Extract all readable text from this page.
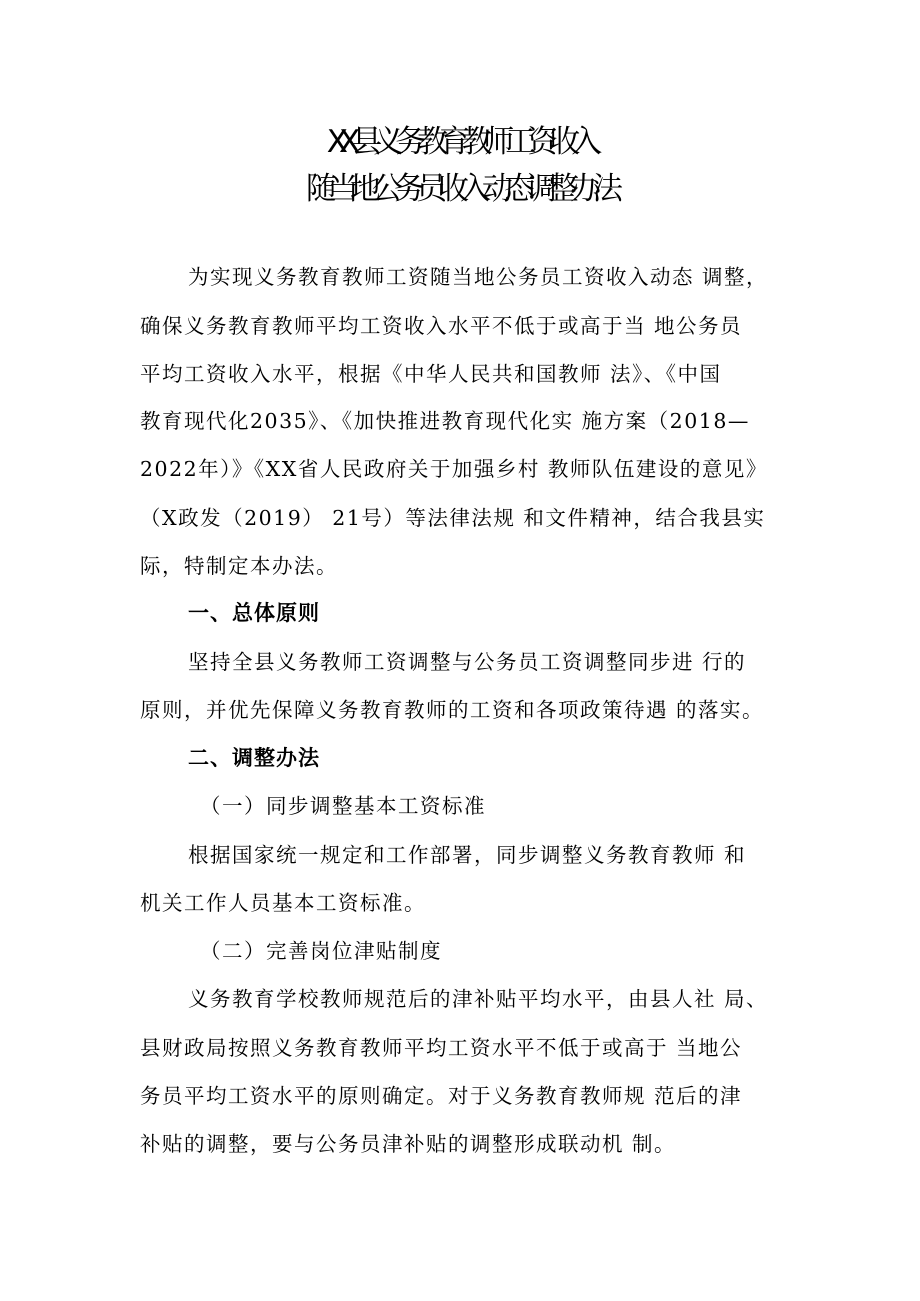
XX县义务教育教师工资收入
随当地公务员收入动态调整办法
为实现义务教育教师工资随当地公务员工资收入动态 调整，
确保义务教育教师平均工资收入水平不低于或高于当 地公务员
平均工资收入水平，根据《中华人民共和国教师 法》、《中国
教育现代化2035》、《加快推进教育现代化实 施方案（2018—
2022年）》《XX省人民政府关于加强乡村 教师队伍建设的意见》
（X政发（2019） 21号）等法律法规 和文件精神，结合我县实
际，特制定本办法。
一、总体原则
坚持全县义务教师工资调整与公务员工资调整同步进 行的
原则，并优先保障义务教育教师的工资和各项政策待遇 的落实。
二、调整办法
（一）同步调整基本工资标准
根据国家统一规定和工作部署，同步调整义务教育教师 和
机关工作人员基本工资标准。
（二）完善岗位津贴制度
义务教育学校教师规范后的津补贴平均水平，由县人社 局、
县财政局按照义务教育教师平均工资水平不低于或高于 当地公
务员平均工资水平的原则确定。对于义务教育教师规 范后的津
补贴的调整，要与公务员津补贴的调整形成联动机 制。
